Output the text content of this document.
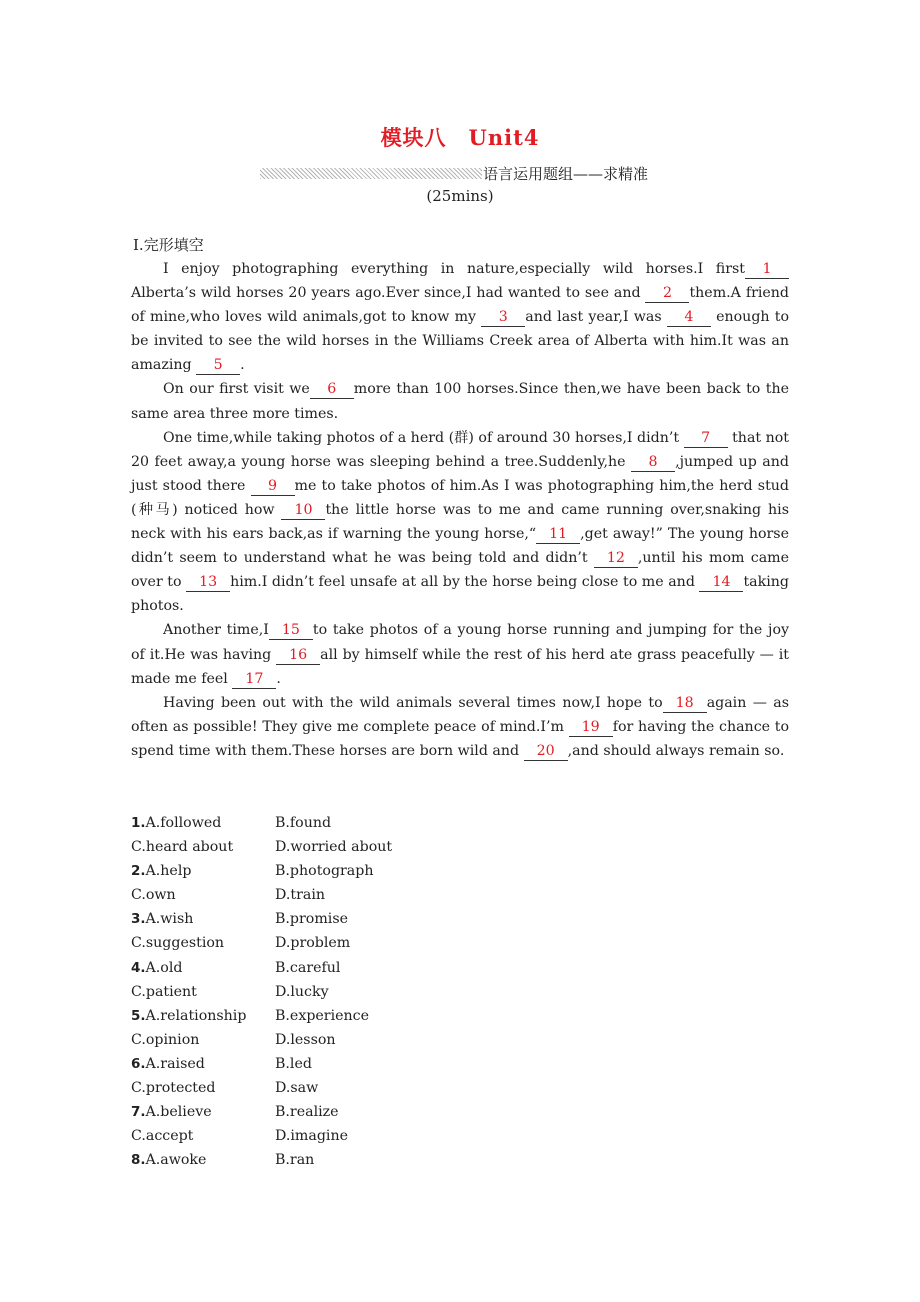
模块八　Unit4
语言运用题组——求精准
(25mins)
Ⅰ.完形填空

I enjoy photographing everything in nature,especially wild horses.I first 1 Alberta’s wild horses 20 years ago.Ever since,I had wanted to see and 2 them.A friend of mine,who loves wild animals,got to know my 3 and last year,I was 4 enough to be invited to see the wild horses in the Williams Creek area of Alberta with him.It was an amazing 5 .

On our first visit we 6 more than 100 horses.Since then,we have been back to the same area three more times.

One time,while taking photos of a herd (群) of around 30 horses,I didn’t 7 that not 20 feet away,a young horse was sleeping behind a tree.Suddenly,he 8 ,jumped up and just stood there 9 me to take photos of him.As I was photographing him,the herd stud (种马) noticed how 10 the little horse was to me and came running over,snaking his neck with his ears back,as if warning the young horse,“ 11 ,get away!” The young horse didn’t seem to understand what he was being told and didn’t 12 ,until his mom came over to 13 him.I didn’t feel unsafe at all by the horse being close to me and 14 taking photos.

Another time,I 15 to take photos of a young horse running and jumping for the joy of it.He was having 16 all by himself while the rest of his herd ate grass peacefully — it made me feel 17 .

Having been out with the wild animals several times now,I hope to 18 again — as often as possible! They give me complete peace of mind.I’m 19 for having the chance to spend time with them.These horses are born wild and 20 ,and should always remain so.

1.A.followed	B.found
C.heard about	D.worried about
2.A.help	B.photograph
C.own	D.train
3.A.wish	B.promise
C.suggestion	D.problem
4.A.old	B.careful
C.patient	D.lucky
5.A.relationship	B.experience
C.opinion	D.lesson
6.A.raised	B.led
C.protected	D.saw
7.A.believe	B.realize
C.accept	D.imagine
8.A.awoke	B.ran
